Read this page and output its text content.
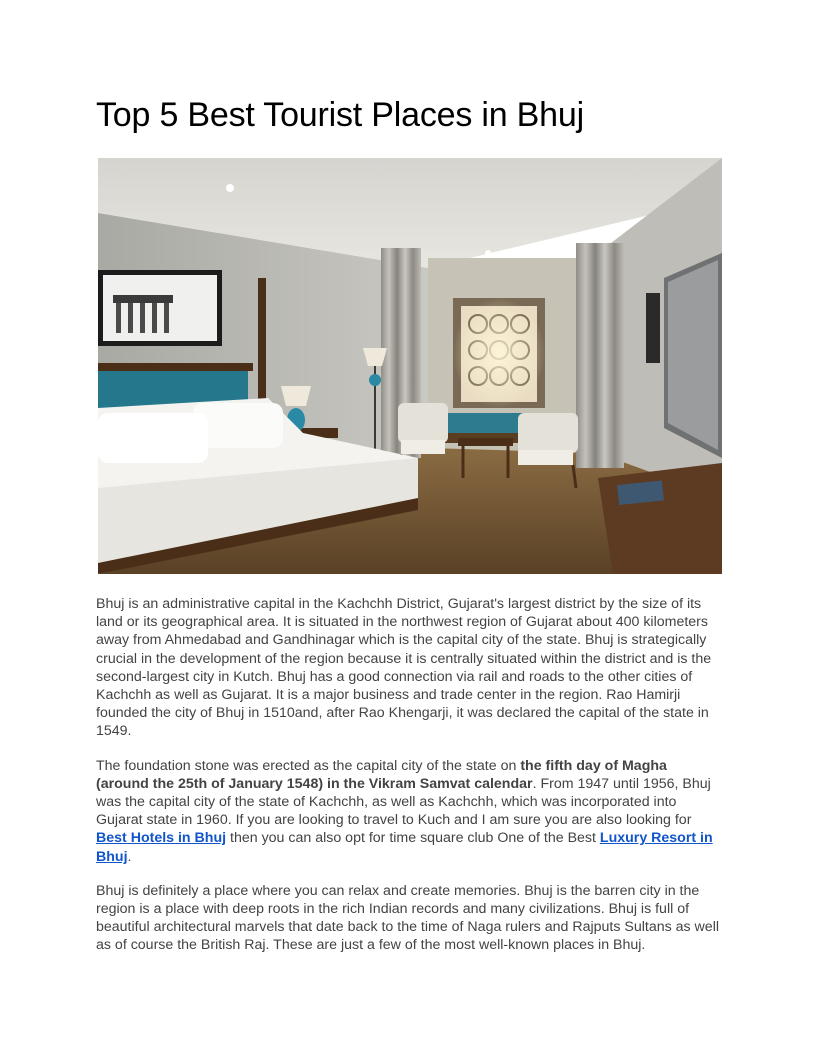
Top 5 Best Tourist Places in Bhuj

Bhuj is an administrative capital in the Kachchh District, Gujarat's largest district by the size of its land or its geographical area. It is situated in the northwest region of Gujarat about 400 kilometers away from Ahmedabad and Gandhinagar which is the capital city of the state. Bhuj is strategically crucial in the development of the region because it is centrally situated within the district and is the second-largest city in Kutch. Bhuj has a good connection via rail and roads to the other cities of Kachchh as well as Gujarat. It is a major business and trade center in the region. Rao Hamirji founded the city of Bhuj in 1510and, after Rao Khengarji, it was declared the capital of the state in 1549.

The foundation stone was erected as the capital city of the state on the fifth day of Magha (around the 25th of January 1548) in the Vikram Samvat calendar. From 1947 until 1956, Bhuj was the capital city of the state of Kachchh, as well as Kachchh, which was incorporated into Gujarat state in 1960. If you are looking to travel to Kuch and I am sure you are also looking for Best Hotels in Bhuj then you can also opt for time square club One of the Best Luxury Resort in Bhuj.

Bhuj is definitely a place where you can relax and create memories. Bhuj is the barren city in the region is a place with deep roots in the rich Indian records and many civilizations. Bhuj is full of beautiful architectural marvels that date back to the time of Naga rulers and Rajputs Sultans as well as of course the British Raj. These are just a few of the most well-known places in Bhuj.
